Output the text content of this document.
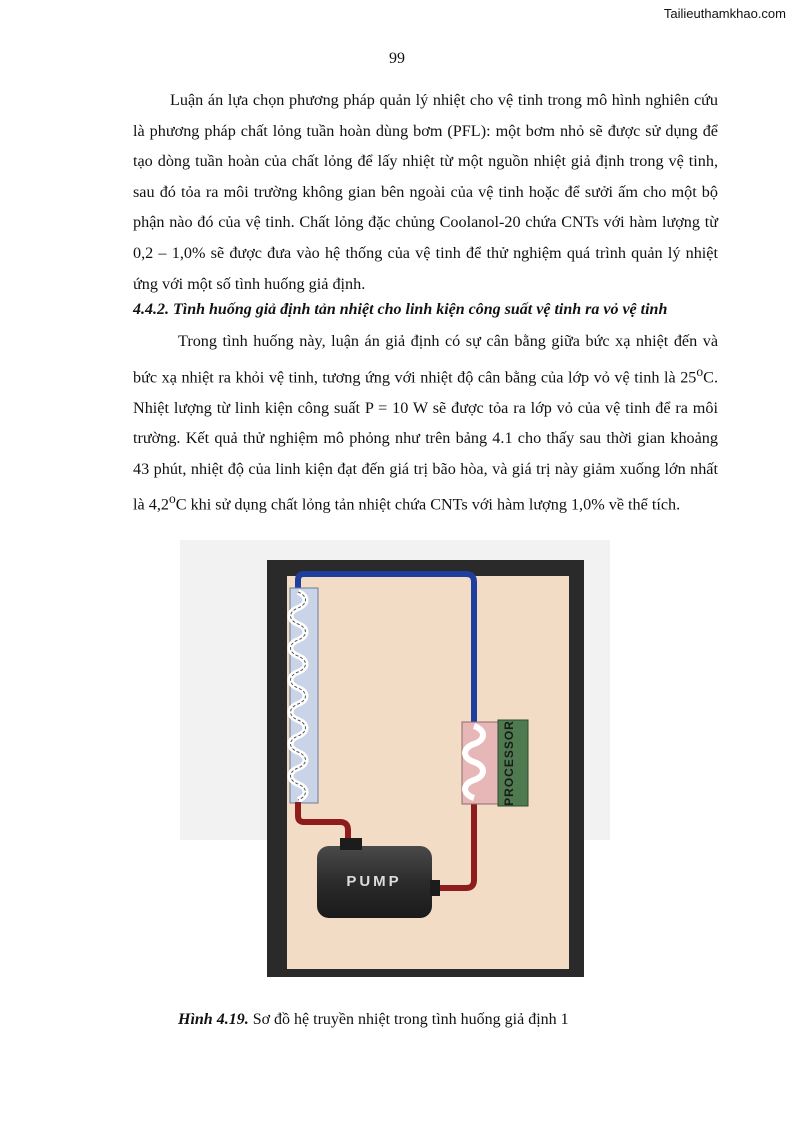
Tailieuthamkhao.com
99

Luận án lựa chọn phương pháp quản lý nhiệt cho vệ tinh trong mô hình nghiên cứu là phương pháp chất lỏng tuần hoàn dùng bơm (PFL): một bơm nhỏ sẽ được sử dụng để tạo dòng tuần hoàn của chất lỏng để lấy nhiệt từ một nguồn nhiệt giả định trong vệ tinh, sau đó tỏa ra môi trường không gian bên ngoài của vệ tinh hoặc để sưởi ấm cho một bộ phận nào đó của vệ tinh. Chất lỏng đặc chủng Coolanol-20 chứa CNTs với hàm lượng từ 0,2 – 1,0% sẽ được đưa vào hệ thống của vệ tinh để thử nghiệm quá trình quản lý nhiệt ứng với một số tình huống giả định.

4.4.2. Tình huống giả định tản nhiệt cho linh kiện công suất vệ tinh ra vỏ vệ tinh

Trong tình huống này, luận án giả định có sự cân bằng giữa bức xạ nhiệt đến và bức xạ nhiệt ra khỏi vệ tinh, tương ứng với nhiệt độ cân bằng của lớp vỏ vệ tinh là 25$^o$C. Nhiệt lượng từ linh kiện công suất P = 10 W sẽ được tỏa ra lớp vỏ của vệ tinh để ra môi trường. Kết quả thử nghiệm mô phỏng như trên bảng 4.1 cho thấy sau thời gian khoảng 43 phút, nhiệt độ của linh kiện đạt đến giá trị bão hòa, và giá trị này giảm xuống lớn nhất là 4,2$^o$C khi sử dụng chất lỏng tản nhiệt chứa CNTs với hàm lượng 1,0% về thể tích.

PROCESSOR
PUMP
Hình 4.19. Sơ đồ hệ truyền nhiệt trong tình huống giả định 1
